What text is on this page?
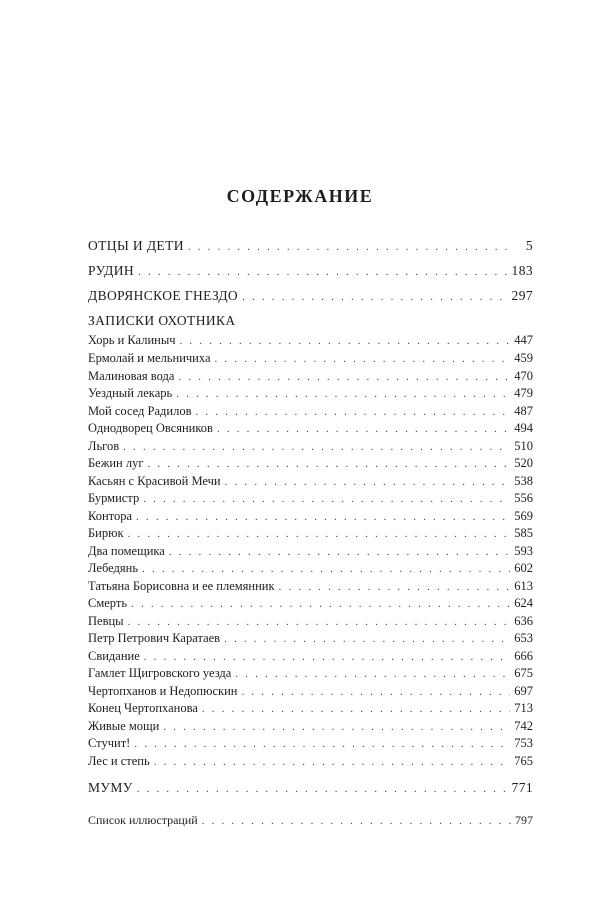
СОДЕРЖАНИЕ
ОТЦЫ И ДЕТИ . . .	5
РУДИН . . .	183
ДВОРЯНСКОЕ ГНЕЗДО . . .	297
ЗАПИСКИ ОХОТНИКА
Хорь и Калиныч . . .	447
Ермолай и мельничиха . . .	459
Малиновая вода . . .	470
Уездный лекарь . . .	479
Мой сосед Радилов . . .	487
Однодворец Овсяников . . .	494
Льгов . . .	510
Бежин луг . . .	520
Касьян с Красивой Мечи . . .	538
Бурмистр . . .	556
Контора . . .	569
Бирюк . . .	585
Два помещика . . .	593
Лебедянь . . .	602
Татьяна Борисовна и ее племянник . . .	613
Смерть . . .	624
Певцы . . .	636
Петр Петрович Каратаев . . .	653
Свидание . . .	666
Гамлет Щигровского уезда . . .	675
Чертопханов и Недопюскин . . .	697
Конец Чертопханова . . .	713
Живые мощи . . .	742
Стучит! . . .	753
Лес и степь . . .	765
МУМУ . . .	771
Список иллюстраций . . .	797
